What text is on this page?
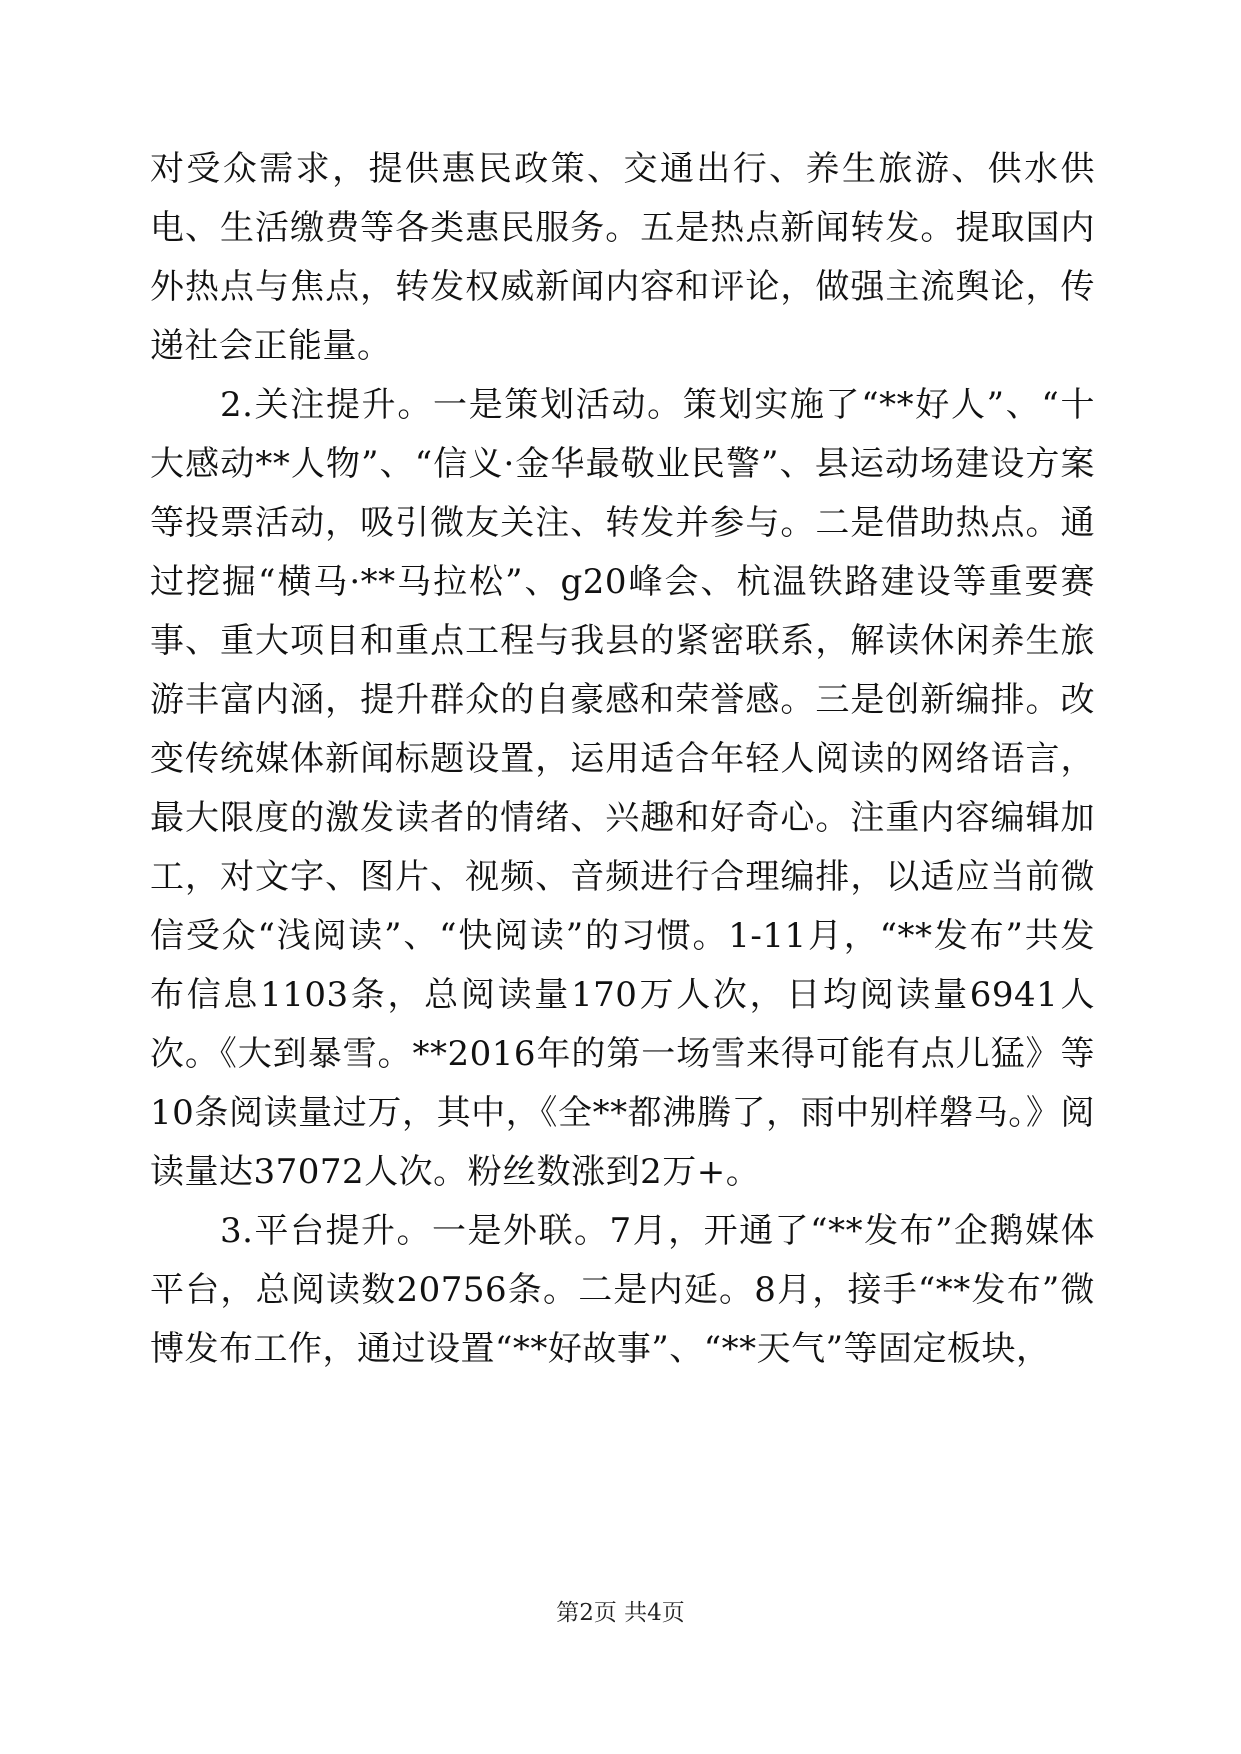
对受众需求，提供惠民政策、交通出行、养生旅游、供水供电、生活缴费等各类惠民服务。五是热点新闻转发。提取国内外热点与焦点，转发权威新闻内容和评论，做强主流舆论，传递社会正能量。

2.关注提升。一是策划活动。策划实施了“**好人”、“十大感动**人物”、“信义·金华最敬业民警”、县运动场建设方案等投票活动，吸引微友关注、转发并参与。二是借助热点。通过挖掘“横马·**马拉松”、g20峰会、杭温铁路建设等重要赛事、重大项目和重点工程与我县的紧密联系，解读休闲养生旅游丰富内涵，提升群众的自豪感和荣誉感。三是创新编排。改变传统媒体新闻标题设置，运用适合年轻人阅读的网络语言，最大限度的激发读者的情绪、兴趣和好奇心。注重内容编辑加工，对文字、图片、视频、音频进行合理编排，以适应当前微信受众“浅阅读”、“快阅读”的习惯。1-11月，“**发布”共发布信息1103条，总阅读量170万人次，日均阅读量6941人次。《大到暴雪。**2016年的第一场雪来得可能有点儿猛》等10条阅读量过万，其中，《全**都沸腾了，雨中别样磐马。》阅读量达37072人次。粉丝数涨到2万+。

3.平台提升。一是外联。7月，开通了“**发布”企鹅媒体平台，总阅读数20756条。二是内延。8月，接手“**发布”微博发布工作，通过设置“**好故事”、“**天气”等固定板块，

第2页 共4页
